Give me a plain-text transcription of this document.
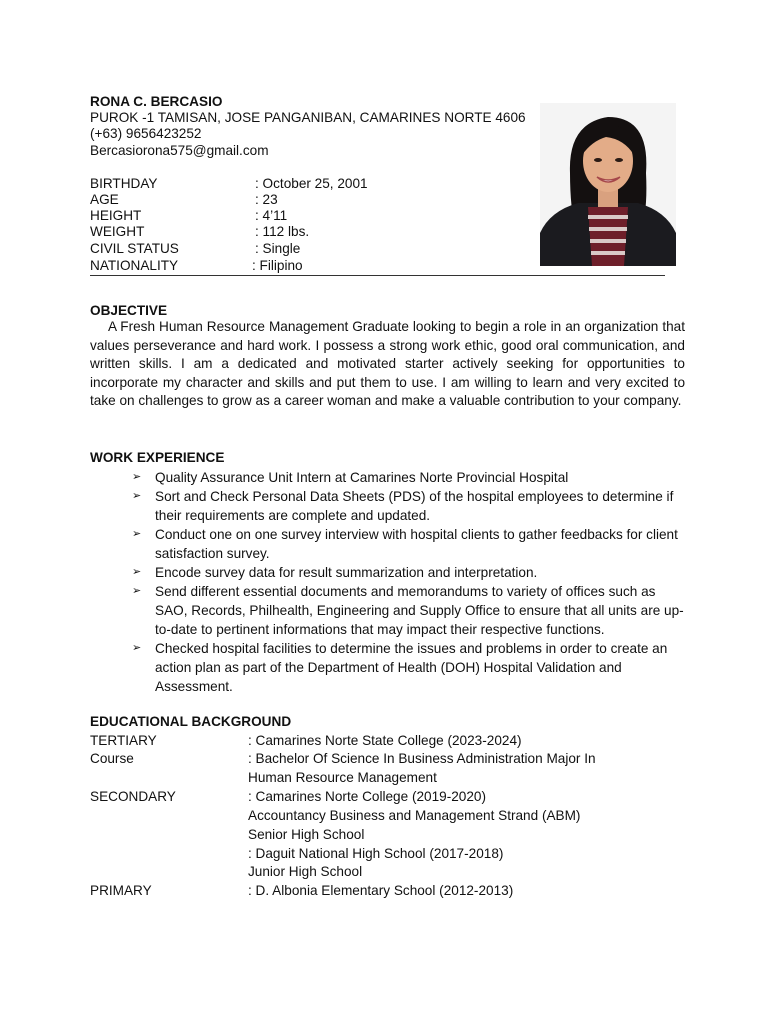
RONA C. BERCASIO
PUROK -1 TAMISAN, JOSE PANGANIBAN, CAMARINES NORTE 4606
(+63) 9656423252
Bercasiorona575@gmail.com
BIRTHDAY	: October 25, 2001
AGE	: 23
HEIGHT	: 4’11
WEIGHT	: 112 lbs.
CIVIL STATUS	: Single
NATIONALITY	: Filipino
OBJECTIVE

A Fresh Human Resource Management Graduate looking to begin a role in an organization that values perseverance and hard work. I possess a strong work ethic, good oral communication, and written skills. I am a dedicated and motivated starter actively seeking for opportunities to incorporate my character and skills and put them to use. I am willing to learn and very excited to take on challenges to grow as a career woman and make a valuable contribution to your company.

WORK EXPERIENCE
➢ Quality Assurance Unit Intern at Camarines Norte Provincial Hospital
➢ Sort and Check Personal Data Sheets (PDS) of the hospital employees to determine if their requirements are complete and updated.
➢ Conduct one on one survey interview with hospital clients to gather feedbacks for client satisfaction survey.
➢ Encode survey data for result summarization and interpretation.
➢ Send different essential documents and memorandums to variety of offices such as SAO, Records, Philhealth, Engineering and Supply Office to ensure that all units are up-to-date to pertinent informations that may impact their respective functions.
➢ Checked hospital facilities to determine the issues and problems in order to create an action plan as part of the Department of Health (DOH) Hospital Validation and Assessment.
EDUCATIONAL BACKGROUND
TERTIARY	: Camarines Norte State College (2023-2024)
Course	: Bachelor Of Science In Business Administration Major In
Human Resource Management
SECONDARY	: Camarines Norte College (2019-2020)
Accountancy Business and Management Strand (ABM)
Senior High School
: Daguit National High School (2017-2018)
Junior High School
PRIMARY	: D. Albonia Elementary School (2012-2013)
